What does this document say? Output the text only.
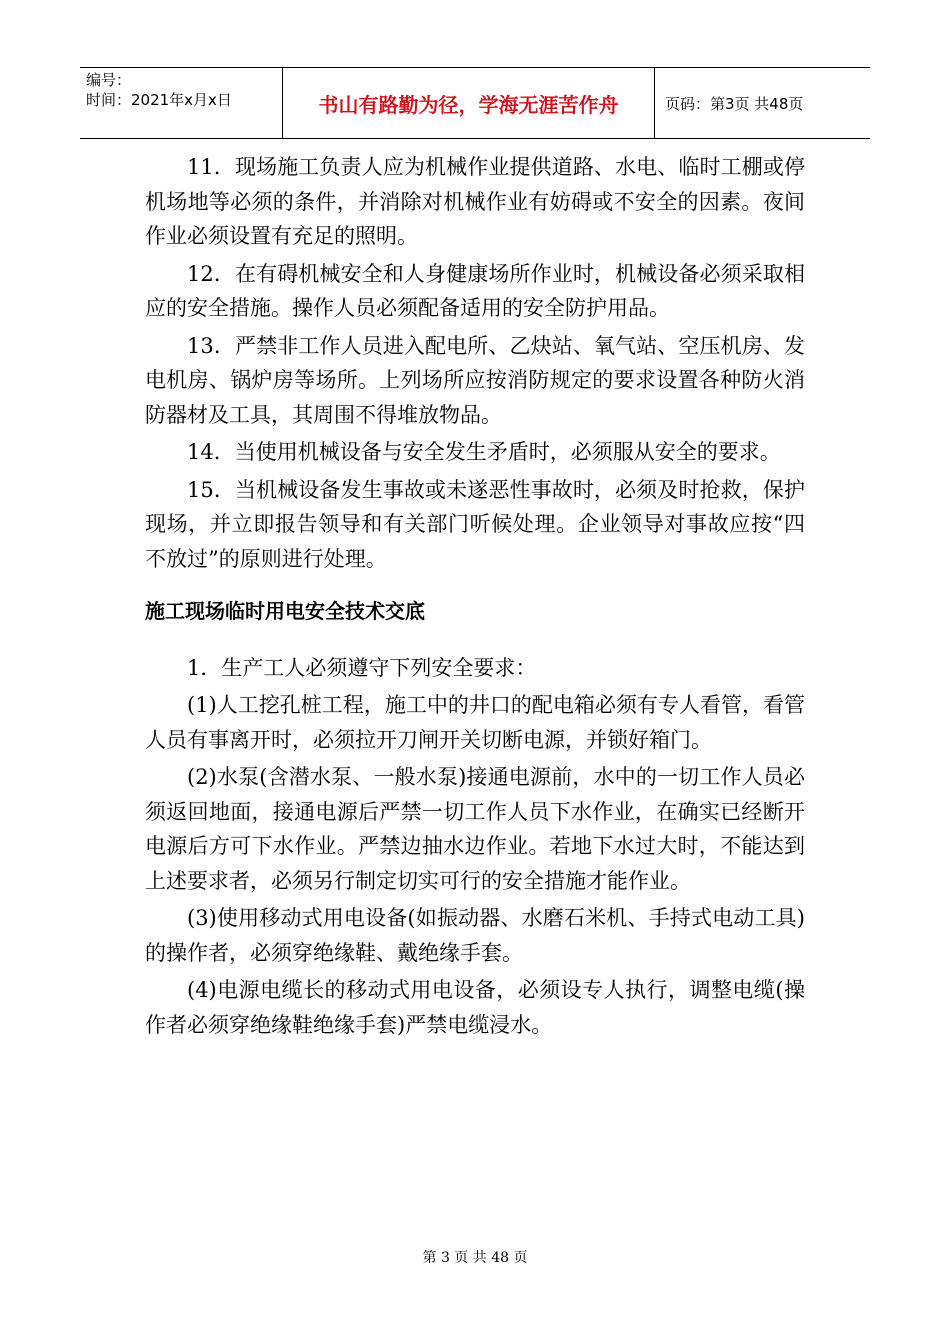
编号：
时间：2021年x月x日	书山有路勤为径，学海无涯苦作舟	页码：第3页 共48页

11．现场施工负责人应为机械作业提供道路、水电、临时工棚或停机场地等必须的条件，并消除对机械作业有妨碍或不安全的因素。夜间作业必须设置有充足的照明。

12．在有碍机械安全和人身健康场所作业时，机械设备必须采取相应的安全措施。操作人员必须配备适用的安全防护用品。

13．严禁非工作人员进入配电所、乙炔站、氧气站、空压机房、发电机房、锅炉房等场所。上列场所应按消防规定的要求设置各种防火消防器材及工具，其周围不得堆放物品。

14．当使用机械设备与安全发生矛盾时，必须服从安全的要求。

15．当机械设备发生事故或未遂恶性事故时，必须及时抢救，保护现场，并立即报告领导和有关部门听候处理。企业领导对事故应按“四不放过”的原则进行处理。

施工现场临时用电安全技术交底

1．生产工人必须遵守下列安全要求：

(1)人工挖孔桩工程，施工中的井口的配电箱必须有专人看管，看管人员有事离开时，必须拉开刀闸开关切断电源，并锁好箱门。

(2)水泵(含潜水泵、一般水泵)接通电源前，水中的一切工作人员必须返回地面，接通电源后严禁一切工作人员下水作业，在确实已经断开电源后方可下水作业。严禁边抽水边作业。若地下水过大时，不能达到上述要求者，必须另行制定切实可行的安全措施才能作业。

(3)使用移动式用电设备(如振动器、水磨石米机、手持式电动工具)的操作者，必须穿绝缘鞋、戴绝缘手套。

(4)电源电缆长的移动式用电设备，必须设专人执行，调整电缆(操作者必须穿绝缘鞋绝缘手套)严禁电缆浸水。

第 3 页 共 48 页
